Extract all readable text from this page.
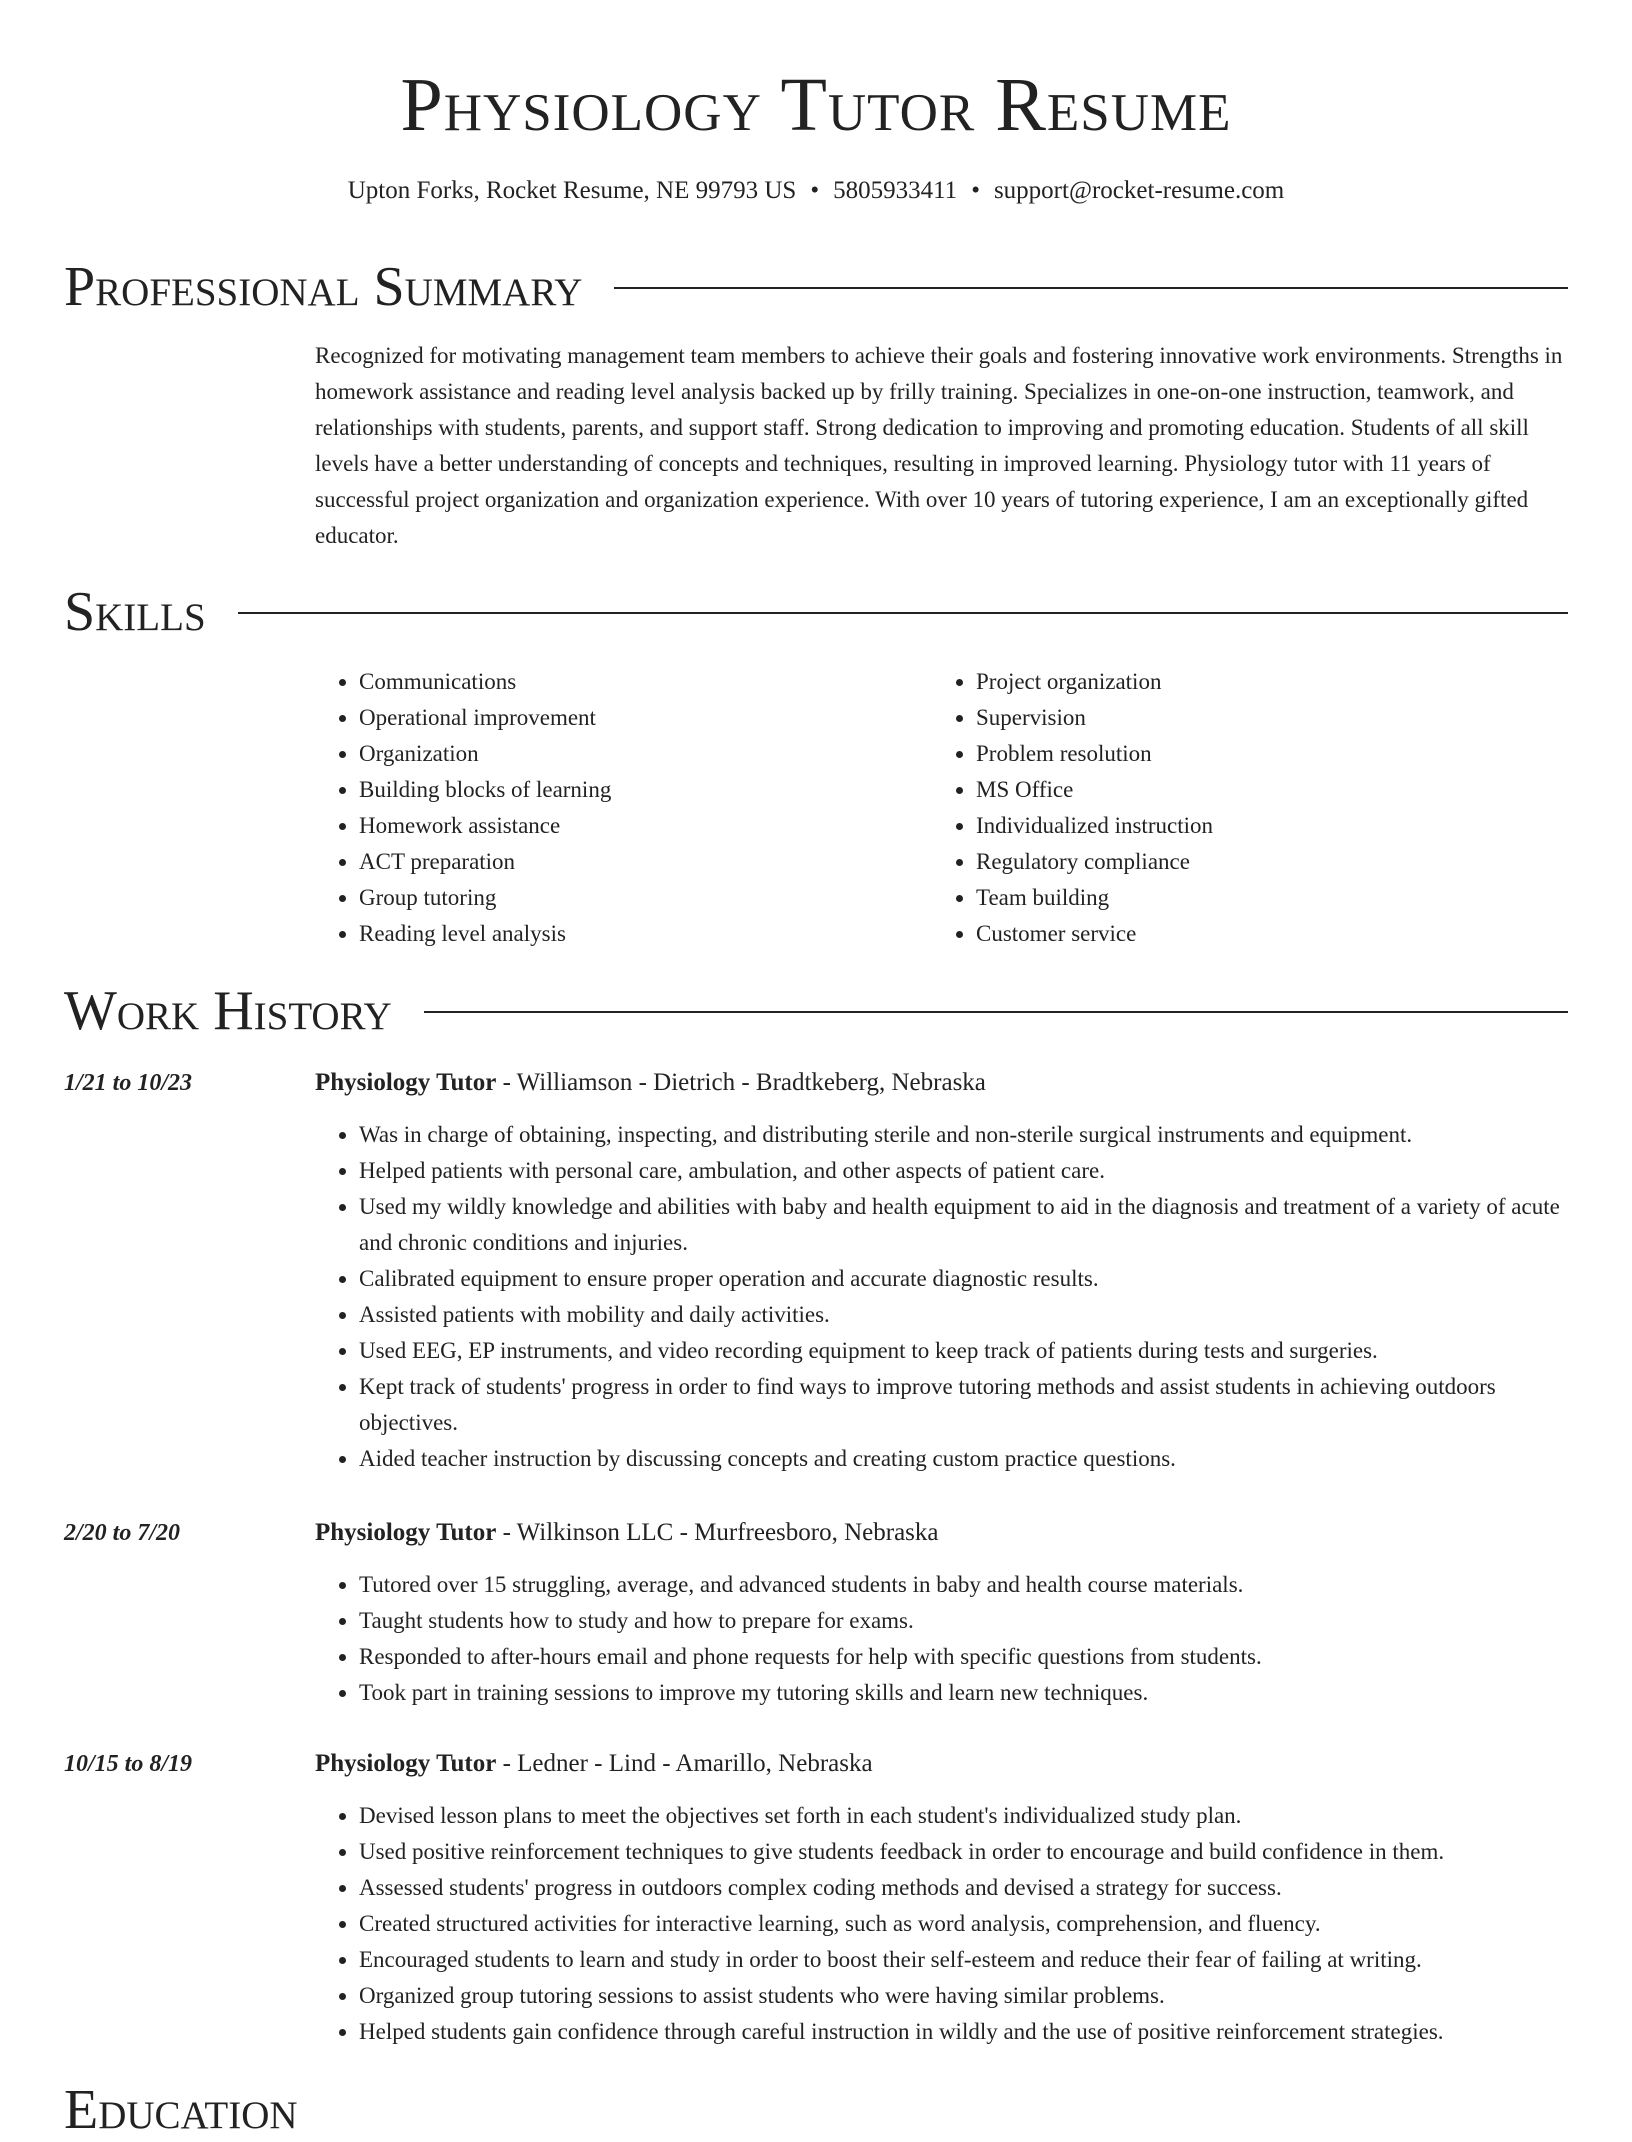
Physiology Tutor Resume
Upton Forks, Rocket Resume, NE 99793 US • 5805933411 • support@rocket-resume.com
Professional Summary

Recognized for motivating management team members to achieve their goals and fostering innovative work environments. Strengths in homework assistance and reading level analysis backed up by frilly training. Specializes in one-on-one instruction, teamwork, and relationships with students, parents, and support staff. Strong dedication to improving and promoting education. Students of all skill levels have a better understanding of concepts and techniques, resulting in improved learning. Physiology tutor with 11 years of successful project organization and organization experience. With over 10 years of tutoring experience, I am an exceptionally gifted educator.

Skills
• Communications
• Operational improvement
• Organization
• Building blocks of learning
• Homework assistance
• ACT preparation
• Group tutoring
• Reading level analysis
• Project organization
• Supervision
• Problem resolution
• MS Office
• Individualized instruction
• Regulatory compliance
• Team building
• Customer service
Work History
1/21 to 10/23	Physiology Tutor - Williamson - Dietrich - Bradtkeberg, Nebraska
• Was in charge of obtaining, inspecting, and distributing sterile and non-sterile surgical instruments and equipment.
• Helped patients with personal care, ambulation, and other aspects of patient care.
• Used my wildly knowledge and abilities with baby and health equipment to aid in the diagnosis and treatment of a variety of acute and chronic conditions and injuries.
• Calibrated equipment to ensure proper operation and accurate diagnostic results.
• Assisted patients with mobility and daily activities.
• Used EEG, EP instruments, and video recording equipment to keep track of patients during tests and surgeries.
• Kept track of students' progress in order to find ways to improve tutoring methods and assist students in achieving outdoors objectives.
• Aided teacher instruction by discussing concepts and creating custom practice questions.
2/20 to 7/20	Physiology Tutor - Wilkinson LLC - Murfreesboro, Nebraska
• Tutored over 15 struggling, average, and advanced students in baby and health course materials.
• Taught students how to study and how to prepare for exams.
• Responded to after-hours email and phone requests for help with specific questions from students.
• Took part in training sessions to improve my tutoring skills and learn new techniques.
10/15 to 8/19	Physiology Tutor - Ledner - Lind - Amarillo, Nebraska
• Devised lesson plans to meet the objectives set forth in each student's individualized study plan.
• Used positive reinforcement techniques to give students feedback in order to encourage and build confidence in them.
• Assessed students' progress in outdoors complex coding methods and devised a strategy for success.
• Created structured activities for interactive learning, such as word analysis, comprehension, and fluency.
• Encouraged students to learn and study in order to boost their self-esteem and reduce their fear of failing at writing.
• Organized group tutoring sessions to assist students who were having similar problems.
• Helped students gain confidence through careful instruction in wildly and the use of positive reinforcement strategies.
Education
